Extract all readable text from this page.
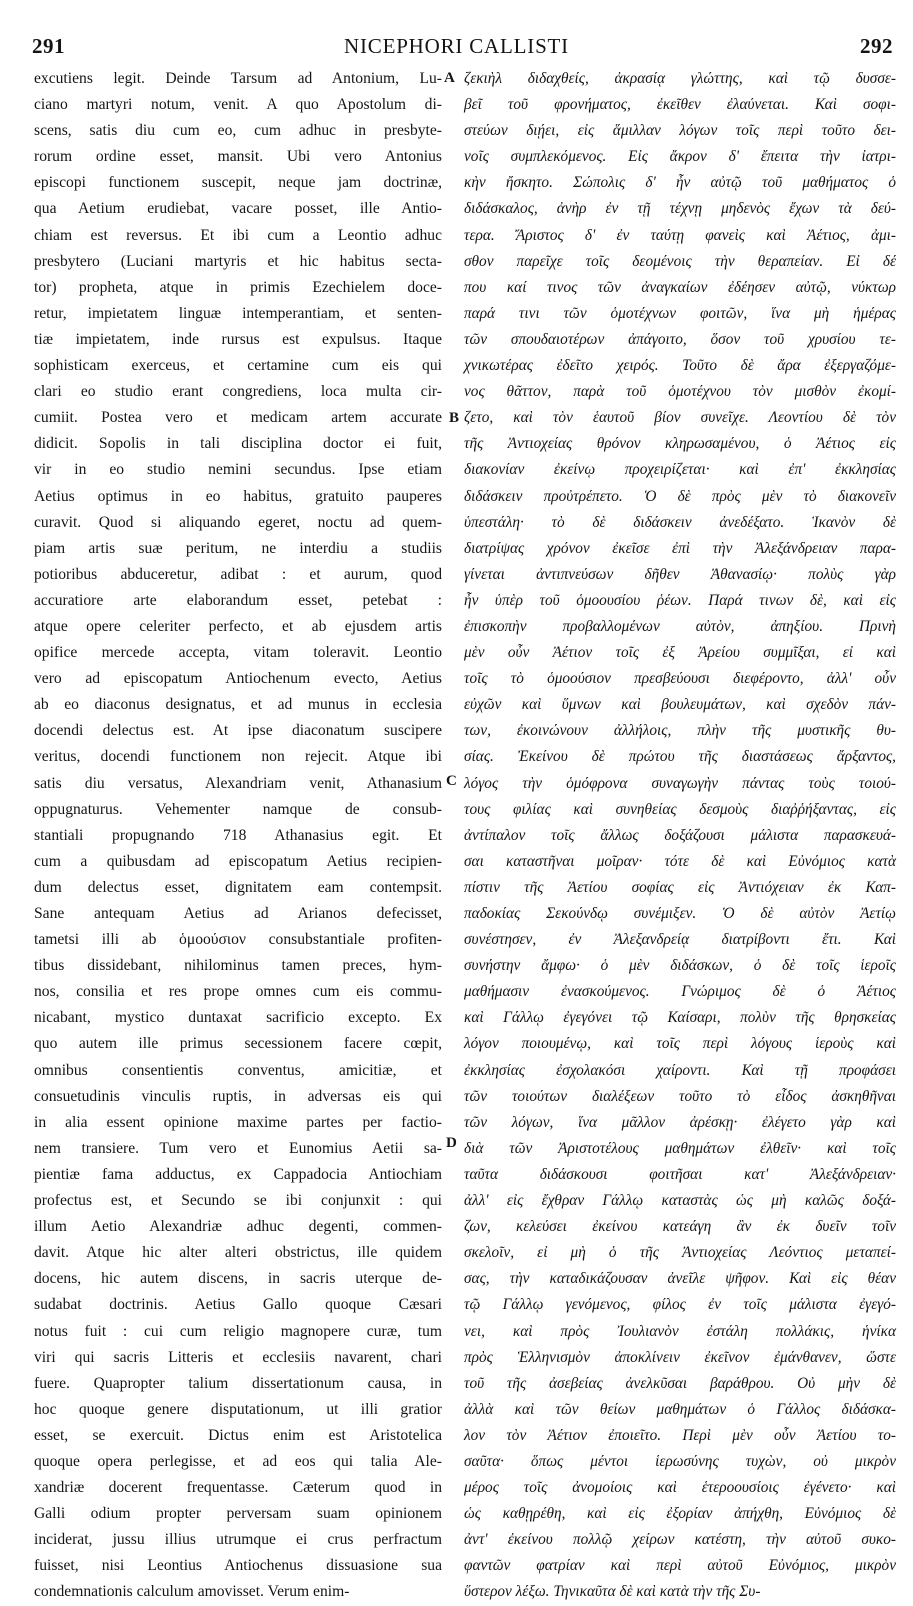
NICEPHORI CALLISTI
291	292
excutiens legit. Deinde Tarsum ad Antonium, Lu-
ciano martyri notum, venit. A quo Apostolum di-
scens, satis diu cum eo, cum adhuc in presbyte-
rorum ordine esset, mansit. Ubi vero Antonius
episcopi functionem suscepit, neque jam doctrinæ,
qua Aetium erudiebat, vacare posset, ille Antio-
chiam est reversus. Et ibi cum a Leontio adhuc
presbytero (Luciani martyris et hic habitus secta-
tor) propheta, atque in primis Ezechielem doce-
retur, impietatem linguæ intemperantiam, et senten-
tiæ impietatem, inde rursus est expulsus. Itaque
sophisticam exerceus, et certamine cum eis qui
clari eo studio erant congrediens, loca multa cir-
cumiit. Postea vero et medicam artem accurate
didicit. Sopolis in tali disciplina doctor ei fuit,
vir in eo studio nemini secundus. Ipse etiam
Aetius optimus in eo habitus, gratuito pauperes
curavit. Quod si aliquando egeret, noctu ad quem-
piam artis suæ peritum, ne interdiu a studiis
potioribus abduceretur, adibat : et aurum, quod
accuratiore arte elaborandum esset, petebat :
atque opere celeriter perfecto, et ab ejusdem artis
opifice mercede accepta, vitam toleravit. Leontio
vero ad episcopatum Antiochenum evecto, Aetius
ab eo diaconus designatus, et ad munus in ecclesia
docendi delectus est. At ipse diaconatum suscipere
veritus, docendi functionem non rejecit. Atque ibi
satis diu versatus, Alexandriam venit, Athanasium
oppugnaturus. Vehementer namque de consub-
stantiali propugnando 718 Athanasius egit. Et
cum a quibusdam ad episcopatum Aetius recipien-
dum delectus esset, dignitatem eam contempsit.
Sane antequam Aetius ad Arianos defecisset,
tametsi illi ab ὁμοούσιον consubstantiale profiten-
tibus dissidebant, nihilominus tamen preces, hym-
nos, consilia et res prope omnes cum eis commu-
nicabant, mystico duntaxat sacrificio excepto. Ex
quo autem ille primus secessionem facere cœpit,
omnibus consentientis conventus, amicitiæ, et
consuetudinis vinculis ruptis, in adversas eis qui
in alia essent opinione maxime partes per factio-
nem transiere. Tum vero et Eunomius Aetii sa-
pientiæ fama adductus, ex Cappadocia Antiochiam
profectus est, et Secundo se ibi conjunxit : qui
illum Aetio Alexandriæ adhuc degenti, commen-
davit. Atque hic alter alteri obstrictus, ille quidem
docens, hic autem discens, in sacris uterque de-
sudabat doctrinis. Aetius Gallo quoque Cæsari
notus fuit : cui cum religio magnopere curæ, tum
viri qui sacris Litteris et ecclesiis navarent, chari
fuere. Quapropter talium dissertationum causa, in
hoc quoque genere disputationum, ut illi gratior
esset, se exercuit. Dictus enim est Aristotelica
quoque opera perlegisse, et ad eos qui talia Ale-
xandriæ docerent frequentasse. Cæterum quod in
Galli odium propter perversam suam opinionem
inciderat, jussu illius utrumque ei crus perfractum
fuisset, nisi Leontius Antiochenus dissuasione sua
condemnationis calculum amovisset. Verum enim-
ζεκιὴλ διδαχθείς, ἀκρασίᾳ γλώττης, καὶ τῷ δυσσε-
βεῖ τοῦ φρονήματος, ἐκεῖθεν ἐλαύνεται. Καὶ σοφι-
στεύων διῄει, εἰς ἅμιλλαν λόγων τοῖς περὶ τοῦτο δει-
νοῖς συμπλεκόμενος. Εἰς ἄκρον δ' ἔπειτα τὴν ἰατρι-
κὴν ἤσκητο. Σώπολις δ' ἦν αὐτῷ τοῦ μαθήματος ὁ
διδάσκαλος, ἀνὴρ ἐν τῇ τέχνῃ μηδενὸς ἔχων τὰ δεύ-
τερα. Ἄριστος δ' ἐν ταύτῃ φανεὶς καὶ Ἀέτιος, ἀμι-
σθον παρεῖχε τοῖς δεομένοις τὴν θεραπείαν. Εἰ δέ
που καί τινος τῶν ἀναγκαίων ἐδέησεν αὐτῷ, νύκτωρ
παρά τινι τῶν ὁμοτέχνων φοιτῶν, ἵνα μὴ ἡμέρας
τῶν σπουδαιοτέρων ἀπάγοιτο, ὅσον τοῦ χρυσίου τε-
χνικωτέρας ἐδεῖτο χειρός. Τοῦτο δὲ ἄρα ἐξεργαζόμε-
νος θᾶττον, παρὰ τοῦ ὁμοτέχνου τὸν μισθὸν ἐκομί-
ζετο, καὶ τὸν ἑαυτοῦ βίον συνεῖχε. Λεοντίου δὲ τὸν
τῆς Ἀντιοχείας θρόνον κληρωσαμένου, ὁ Ἀέτιος εἰς
διακονίαν ἐκείνῳ προχειρίζεται· καὶ ἐπ' ἐκκλησίας
διδάσκειν προὐτρέπετο. Ὁ δὲ πρὸς μὲν τὸ διακονεῖν
ὑπεστάλη· τὸ δὲ διδάσκειν ἀνεδέξατο. Ἱκανὸν δὲ
διατρίψας χρόνον ἐκεῖσε ἐπὶ τὴν Ἀλεξάνδρειαν παρα-
γίνεται ἀντιπνεύσων δῆθεν Ἀθανασίῳ· πολὺς γὰρ
ἦν ὑπὲρ τοῦ ὁμοουσίου ῥέων. Παρά τινων δὲ, καὶ εἰς
ἐπισκοπὴν προβαλλομένων αὐτὸν, ἀπηξίου. Πρινὴ
μὲν οὖν Ἀέτιον τοῖς ἐξ Ἀρείου συμμῖξαι, εἰ καὶ
τοῖς τὸ ὁμοούσιον πρεσβεύουσι διεφέροντο, ἀλλ' οὖν
εὐχῶν καὶ ὕμνων καὶ βουλευμάτων, καὶ σχεδὸν πάν-
των, ἐκοινώνουν ἀλλήλοις, πλὴν τῆς μυστικῆς θυ-
σίας. Ἐκείνου δὲ πρώτου τῆς διαστάσεως ἄρξαντος,
λόγος τὴν ὁμόφρονα συναγωγὴν πάντας τοὺς τοιού-
τους φιλίας καὶ συνηθείας δεσμοὺς διαῤῥήξαντας, εἰς
ἀντίπαλον τοῖς ἄλλως δοξάζουσι μάλιστα παρασκευά-
σαι καταστῆναι μοῖραν· τότε δὲ καὶ Εὐνόμιος κατὰ
πίστιν τῆς Ἀετίου σοφίας εἰς Ἀντιόχειαν ἐκ Καπ-
παδοκίας Σεκούνδῳ συνέμιξεν. Ὁ δὲ αὐτὸν Ἀετίῳ
συνέστησεν, ἐν Ἀλεξανδρείᾳ διατρίβοντι ἔτι. Καὶ
συνήστην ἄμφω· ὁ μὲν διδάσκων, ὁ δὲ τοῖς ἱεροῖς
μαθήμασιν ἐνασκούμενος. Γνώριμος δὲ ὁ Ἀέτιος
καὶ Γάλλῳ ἐγεγόνει τῷ Καίσαρι, πολὺν τῆς θρησκείας
λόγον ποιουμένῳ, καὶ τοῖς περὶ λόγους ἱεροὺς καὶ
ἐκκλησίας ἐσχολακόσι χαίροντι. Καὶ τῇ προφάσει
τῶν τοιούτων διαλέξεων τοῦτο τὸ εἶδος ἀσκηθῆναι
τῶν λόγων, ἵνα μᾶλλον ἀρέσκῃ· ἐλέγετο γὰρ καὶ
διὰ τῶν Ἀριστοτέλους μαθημάτων ἐλθεῖν· καὶ τοῖς
ταῦτα διδάσκουσι φοιτῆσαι κατ' Ἀλεξάνδρειαν·
ἀλλ' εἰς ἔχθραν Γάλλῳ καταστὰς ὡς μὴ καλῶς δοξά-
ζων, κελεύσει ἐκείνου κατεάγη ἂν ἐκ δυεῖν τοῖν
σκελοῖν, εἰ μὴ ὁ τῆς Ἀντιοχείας Λεόντιος μεταπεί-
σας, τὴν καταδικάζουσαν ἀνεῖλε ψῆφον. Καὶ εἰς θέαν
τῷ Γάλλῳ γενόμενος, φίλος ἐν τοῖς μάλιστα ἐγεγό-
νει, καὶ πρὸς Ἰουλιανὸν ἐστάλη πολλάκις, ἡνίκα
πρὸς Ἑλληνισμὸν ἀποκλίνειν ἐκεῖνον ἐμάνθανεν, ὥστε
τοῦ τῆς ἀσεβείας ἀνελκῦσαι βαράθρου. Οὐ μὴν δὲ
ἀλλὰ καὶ τῶν θείων μαθημάτων ὁ Γάλλος διδάσκα-
λον τὸν Ἀέτιον ἐποιεῖτο. Περὶ μὲν οὖν Ἀετίου το-
σαῦτα· ὅπως μέντοι ἱερωσύνης τυχὼν, οὐ μικρὸν
μέρος τοῖς ἀνομοίοις καὶ ἑτεροουσίοις ἐγένετο· καὶ
ὡς καθῃρέθη, καὶ εἰς ἐξορίαν ἀπήχθη, Εὐνόμιος δὲ
ἀντ' ἐκείνου πολλῷ χείρων κατέστη, τὴν αὐτοῦ συκο-
φαντῶν φατρίαν καὶ περὶ αὐτοῦ Εὐνόμιος, μικρὸν
ὕστερον λέξω. Τηνικαῦτα δὲ καὶ κατὰ τὴν τῆς Συ-
A
B
C
D
